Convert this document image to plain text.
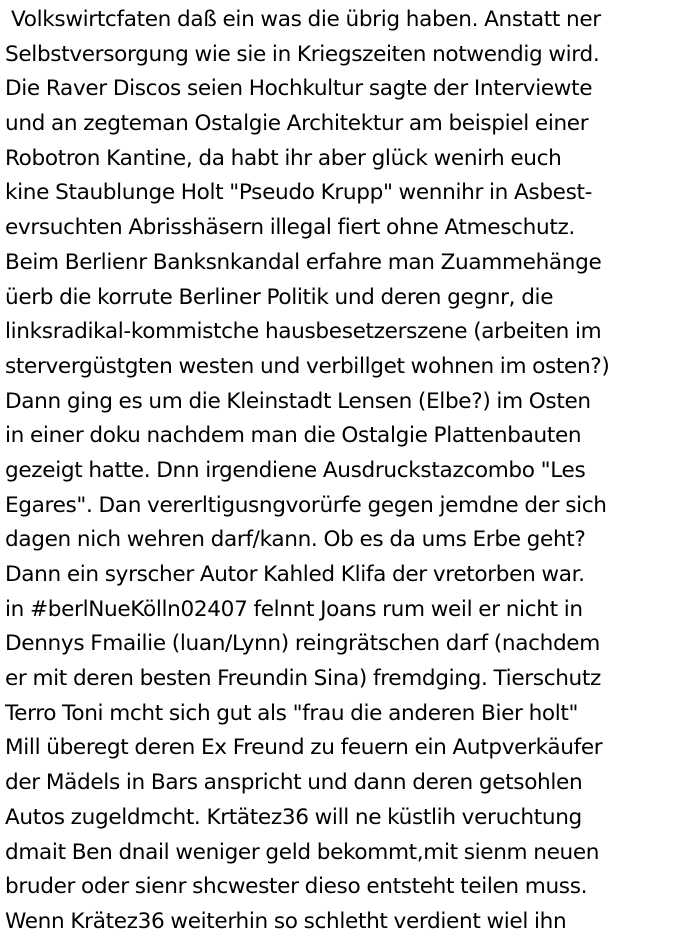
Volkswirtcfaten daß ein was die übrig haben. Anstatt ner
Selbstversorgung wie sie in Kriegszeiten notwendig wird.
Die Raver Discos seien Hochkultur sagte der Interviewte
und an zegteman Ostalgie Architektur am beispiel einer
Robotron Kantine, da habt ihr aber glück wenirh euch
kine Staublunge Holt "Pseudo Krupp" wennihr in Asbest-
evrsuchten Abrisshäsern illegal fiert ohne Atmeschutz.
Beim Berlienr Banksnkandal erfahre man Zuammehänge
üerb die korrute Berliner Politik und deren gegnr, die
linksradikal-kommistche hausbesetzerszene (arbeiten im
stervergüstgten westen und verbillget wohnen im osten?)
Dann ging es um die Kleinstadt Lensen (Elbe?) im Osten
in einer doku nachdem man die Ostalgie Plattenbauten
gezeigt hatte. Dnn irgendiene Ausdruckstazcombo "Les
Egares". Dan vererltigusngvorürfe gegen jemdne der sich
dagen nich wehren darf/kann. Ob es da ums Erbe geht?
Dann ein syrscher Autor Kahled Klifa der vretorben war.
in #berlNueKölln02407 felnnt Joans rum weil er nicht in
Dennys Fmailie (luan/Lynn) reingrätschen darf (nachdem
er mit deren besten Freundin Sina) fremdging. Tierschutz
Terro Toni mcht sich gut als "frau die anderen Bier holt"
Mill überegt deren Ex Freund zu feuern ein Autpverkäufer
der Mädels in Bars anspricht und dann deren getsohlen
Autos zugeldmcht. Krtätez36 will ne küstlih veruchtung
dmait Ben dnail weniger geld bekommt,mit sienm neuen
bruder oder sienr shcwester dieso entsteht teilen muss.
Wenn Krätez36 weiterhin so schletht verdient wiel ihn
